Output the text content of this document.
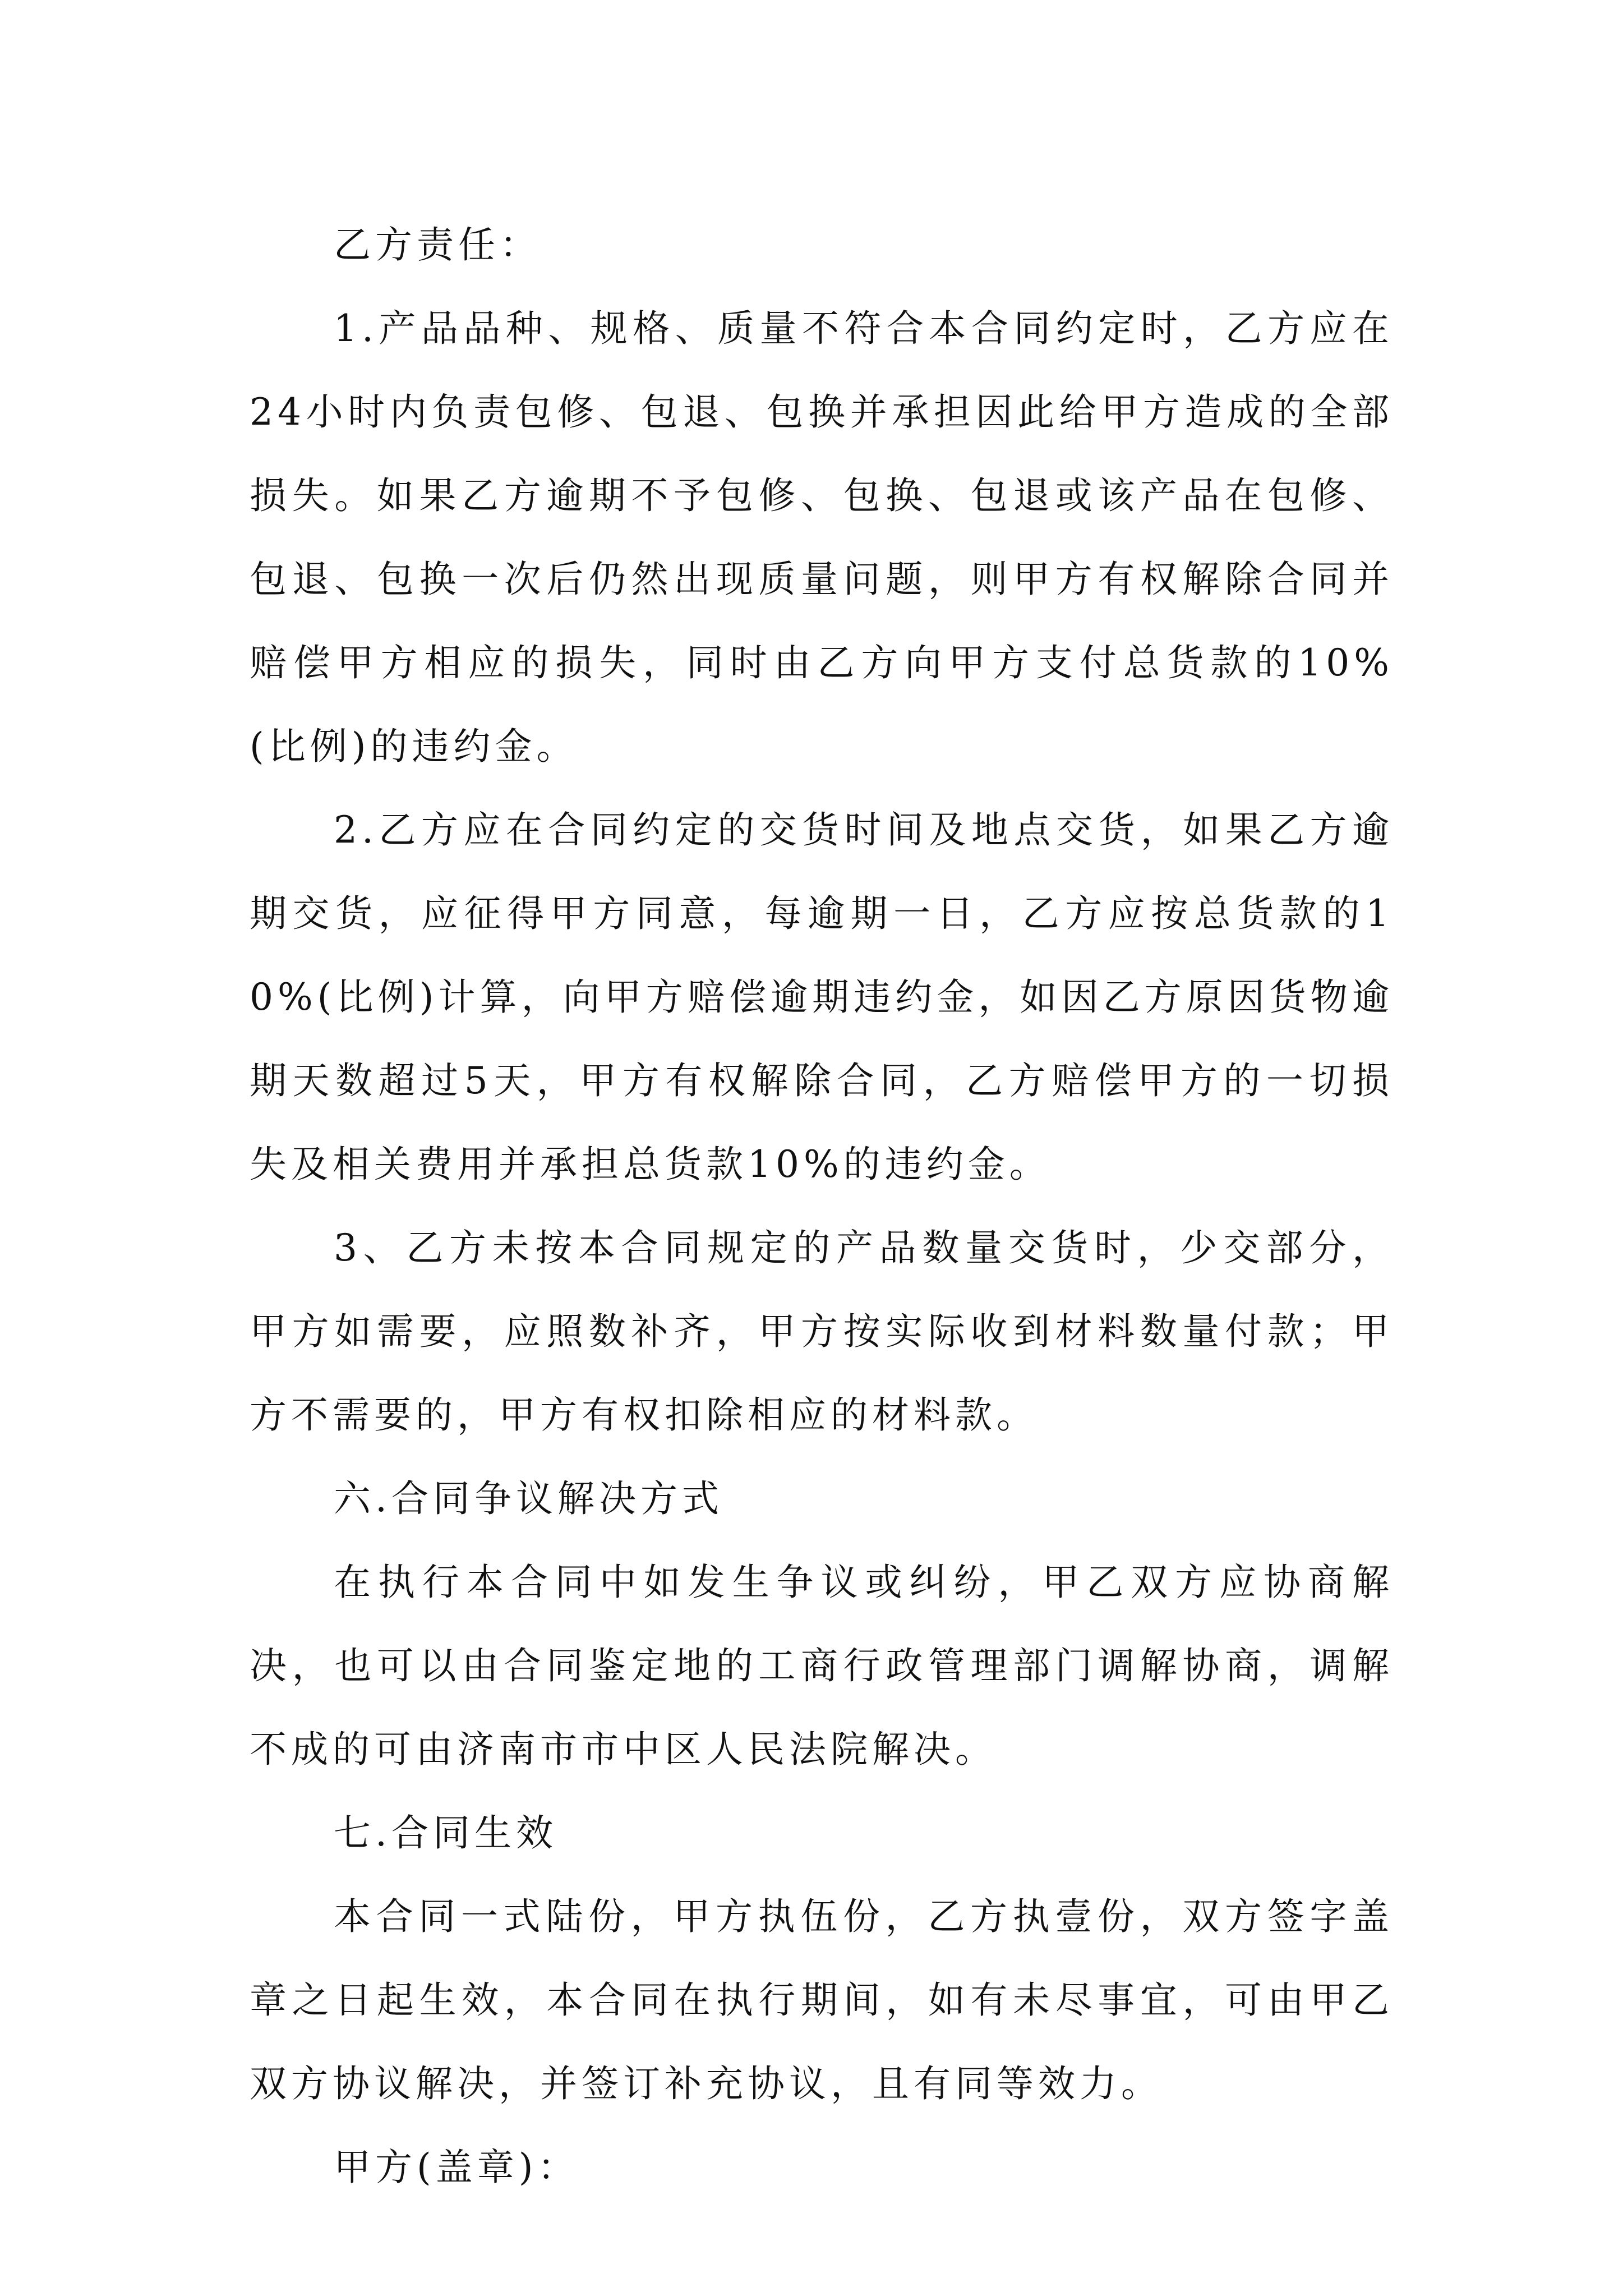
乙方责任：

1.产品品种、规格、质量不符合本合同约定时，乙方应在24小时内负责包修、包退、包换并承担因此给甲方造成的全部损失。如果乙方逾期不予包修、包换、包退或该产品在包修、包退、包换一次后仍然出现质量问题，则甲方有权解除合同并赔偿甲方相应的损失，同时由乙方向甲方支付总货款的10%(比例)的违约金。

2.乙方应在合同约定的交货时间及地点交货，如果乙方逾期交货，应征得甲方同意，每逾期一日，乙方应按总货款的10%(比例)计算，向甲方赔偿逾期违约金，如因乙方原因货物逾期天数超过5天，甲方有权解除合同，乙方赔偿甲方的一切损失及相关费用并承担总货款10%的违约金。

3、乙方未按本合同规定的产品数量交货时，少交部分，甲方如需要，应照数补齐，甲方按实际收到材料数量付款；甲方不需要的，甲方有权扣除相应的材料款。

六.合同争议解决方式

在执行本合同中如发生争议或纠纷，甲乙双方应协商解决，也可以由合同鉴定地的工商行政管理部门调解协商，调解不成的可由济南市市中区人民法院解决。

七.合同生效

本合同一式陆份，甲方执伍份，乙方执壹份，双方签字盖章之日起生效，本合同在执行期间，如有未尽事宜，可由甲乙双方协议解决，并签订补充协议，且有同等效力。

甲方(盖章)：
